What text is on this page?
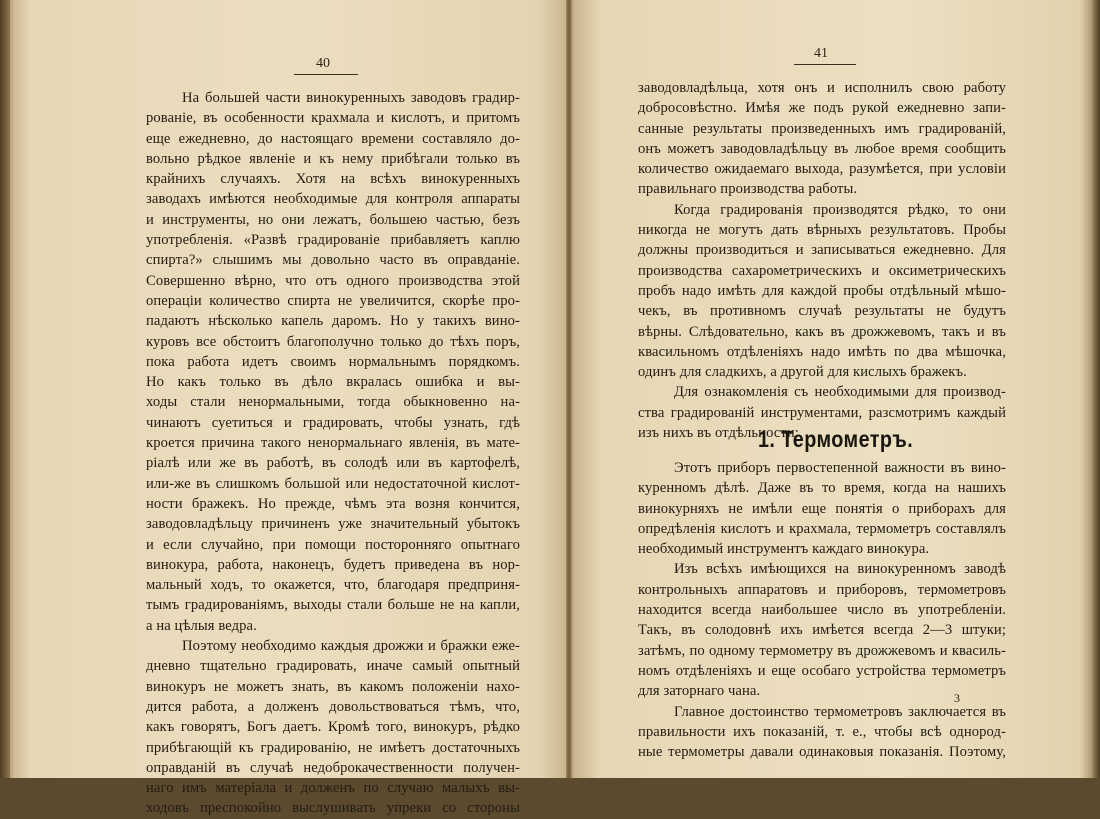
40
На большей части винокуренныхъ заводовъ градир-
рованіе, въ особенности крахмала и кислотъ, и притомъ
еще ежедневно, до настоящаго времени составляло до-
вольно рѣдкое явленіе и къ нему прибѣгали только въ
крайнихъ случаяхъ. Хотя на всѣхъ винокуренныхъ
заводахъ имѣются необходимые для контроля аппараты
и инструменты, но они лежатъ, большею частью, безъ
употребленія. «Развѣ градированіе прибавляетъ каплю
спирта?» слышимъ мы довольно часто въ оправданіе.
Совершенно вѣрно, что отъ одного производства этой
операціи количество спирта не увеличится, скорѣе про-
падаютъ нѣсколько капель даромъ. Но у такихъ вино-
куровъ все обстоитъ благополучно только до тѣхъ поръ,
пока работа идетъ своимъ нормальнымъ порядкомъ.
Но какъ только въ дѣло вкралась ошибка и вы-
ходы стали ненормальными, тогда обыкновенно на-
чинаютъ суетиться и градировать, чтобы узнать, гдѣ
кроется причина такого ненормальнаго явленія, въ мате-
ріалѣ или же въ работѣ, въ солодѣ или въ картофелѣ,
или-же въ слишкомъ большой или недостаточной кислот-
ности бражекъ. Но прежде, чѣмъ эта возня кончится,
заводовладѣльцу причиненъ уже значительный убытокъ
и если случайно, при помощи посторонняго опытнаго
винокура, работа, наконецъ, будетъ приведена въ нор-
мальный ходъ, то окажется, что, благодаря предприня-
тымъ градированіямъ, выходы стали больше не на капли,
а на цѣлыя ведра.
Поэтому необходимо каждыя дрожжи и бражки еже-
дневно тщательно градировать, иначе самый опытный
винокуръ не можетъ знать, въ какомъ положеніи нахо-
дится работа, а долженъ довольствоваться тѣмъ, что,
какъ говорятъ, Богъ даетъ. Кромѣ того, винокуръ, рѣдко
прибѣгающій къ градированію, не имѣетъ достаточныхъ
оправданій въ случаѣ недоброкачественности получен-
наго имъ матеріала и долженъ по случаю малыхъ вы-
ходовъ преспокойно выслушивать упреки со стороны
41
заводовладѣльца, хотя онъ и исполнилъ свою работу
добросовѣстно. Имѣя же подъ рукой ежедневно запи-
санные результаты произведенныхъ имъ градированій,
онъ можетъ заводовладѣльцу въ любое время сообщить
количество ожидаемаго выхода, разумѣется, при условіи
правильнаго производства работы.
Когда градированія производятся рѣдко, то они
никогда не могутъ дать вѣрныхъ результатовъ. Пробы
должны производиться и записываться ежедневно. Для
производства сахарометрическихъ и оксиметрическихъ
пробъ надо имѣть для каждой пробы отдѣльный мѣшо-
чекъ, въ противномъ случаѣ результаты не будутъ
вѣрны. Слѣдовательно, какъ въ дрожжевомъ, такъ и въ
квасильномъ отдѣленіяхъ надо имѣть по два мѣшочка,
одинъ для сладкихъ, а другой для кислыхъ бражекъ.
Для ознакомленія съ необходимыми для производ-
ства градированій инструментами, разсмотримъ каждый
изъ нихъ въ отдѣльности:
1. Термометръ.
Этотъ приборъ первостепенной важности въ вино-
куренномъ дѣлѣ. Даже въ то время, когда на нашихъ
винокурняхъ не имѣли еще понятія о приборахъ для
опредѣленія кислотъ и крахмала, термометръ составлялъ
необходимый инструментъ каждаго винокура.
Изъ всѣхъ имѣющихся на винокуренномъ заводѣ
контрольныхъ аппаратовъ и приборовъ, термометровъ
находится всегда наибольшее число въ употребленіи.
Такъ, въ солодовнѣ ихъ имѣется всегда 2—3 штуки;
затѣмъ, по одному термометру въ дрожжевомъ и квасиль-
номъ отдѣленіяхъ и еще особаго устройства термометръ
для заторнаго чана.
Главное достоинство термометровъ заключается въ
правильности ихъ показаній, т. е., чтобы всѣ однород-
ные термометры давали одинаковыя показанія. Поэтому,
3
